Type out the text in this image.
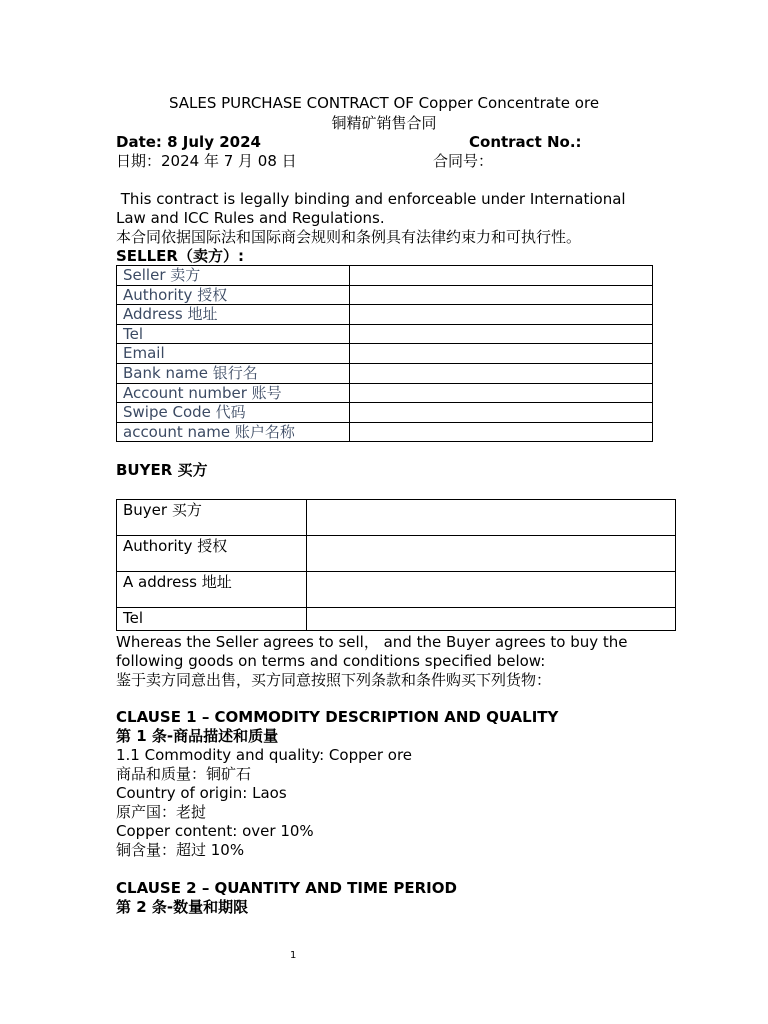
SALES PURCHASE CONTRACT OF Copper Concentrate ore
铜精矿销售合同
Date: 8 July 2024	Contract No.:
日期：2024 年 7 月 08 日	合同号：
This contract is legally binding and enforceable under International
Law and ICC Rules and Regulations.
本合同依据国际法和国际商会规则和条例具有法律约束力和可执行性。
SELLER（卖方）:
Seller 卖方	
Authority 授权	
Address 地址	
Tel	
Email	
Bank name 银行名	
Account number 账号	
Swipe Code 代码	
account name 账户名称	
BUYER 买方
Buyer 买方	
Authority 授权	
A address 地址	
Tel	
Whereas the Seller agrees to sell， and the Buyer agrees to buy the
following goods on terms and conditions specified below:
鉴于卖方同意出售，买方同意按照下列条款和条件购买下列货物：
CLAUSE 1 – COMMODITY DESCRIPTION AND QUALITY
第 1 条-商品描述和质量
1.1 Commodity and quality: Copper ore
商品和质量：铜矿石
Country of origin: Laos
原产国：老挝
Copper content: over 10%
铜含量：超过 10%
CLAUSE 2 – QUANTITY AND TIME PERIOD
第 2 条-数量和期限
1
